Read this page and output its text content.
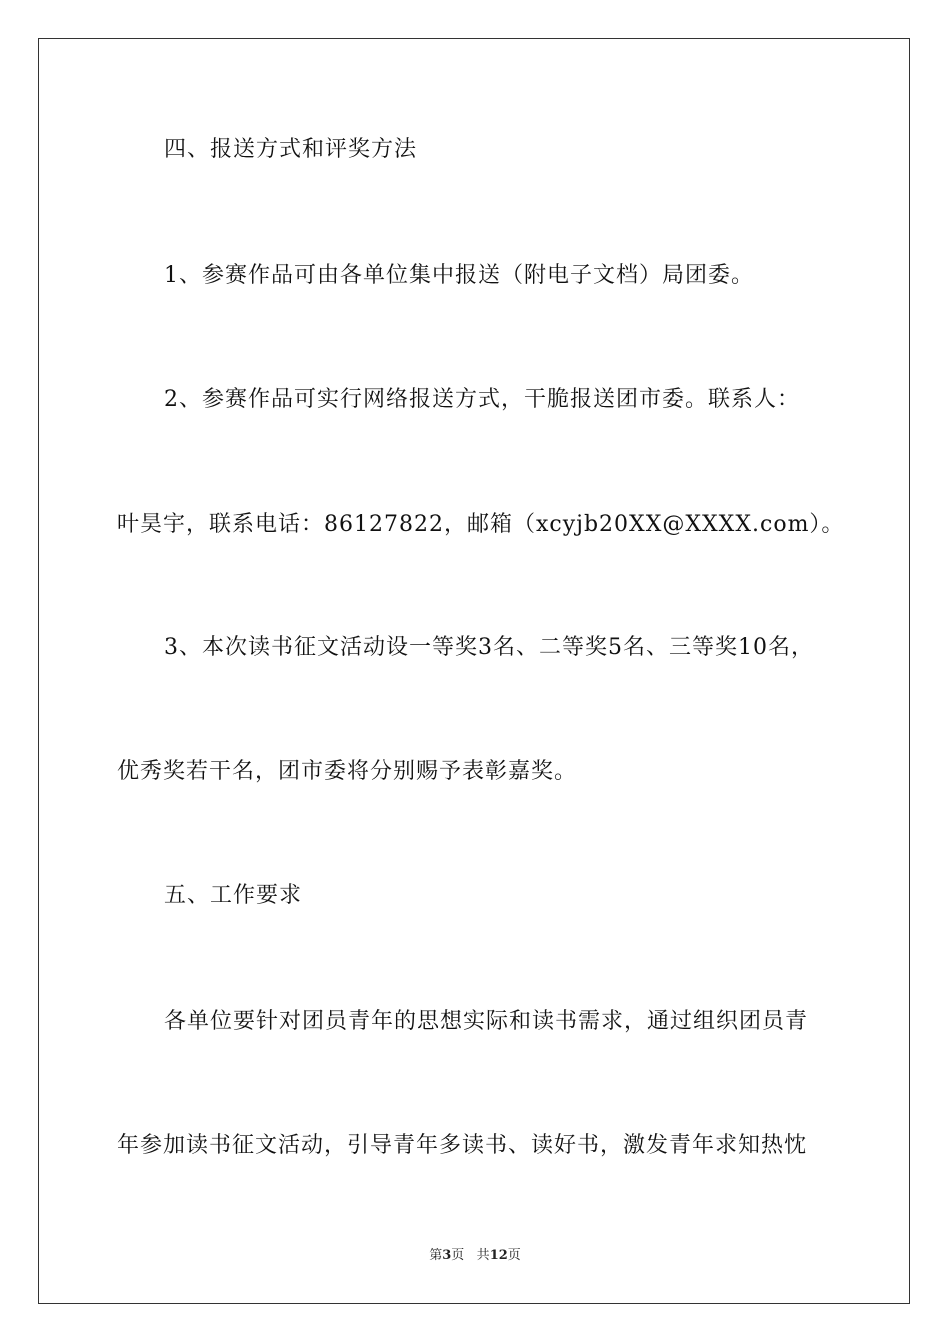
四、报送方式和评奖方法
1、参赛作品可由各单位集中报送（附电子文档）局团委。
2、参赛作品可实行网络报送方式，干脆报送团市委。联系人：
叶昊宇，联系电话：86127822，邮箱（xcyjb20XX@XXXX.com）。
3、本次读书征文活动设一等奖3名、二等奖5名、三等奖10名，
优秀奖若干名，团市委将分别赐予表彰嘉奖。
五、工作要求
各单位要针对团员青年的思想实际和读书需求，通过组织团员青
年参加读书征文活动，引导青年多读书、读好书，激发青年求知热忱
第3页 共12页
